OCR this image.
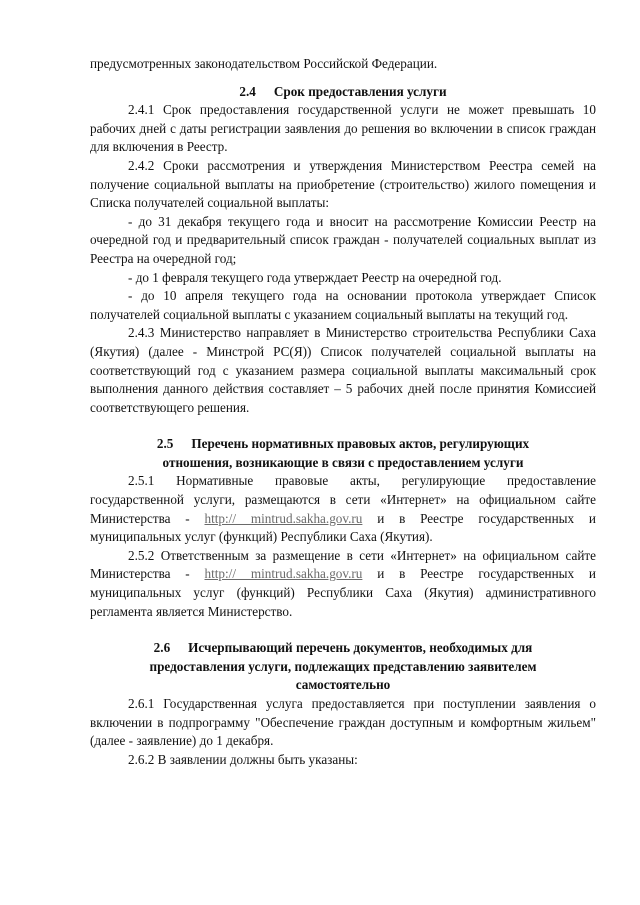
предусмотренных законодательством Российской Федерации.

2.4 Срок предоставления услуги

2.4.1 Срок предоставления государственной услуги не может превышать 10 рабочих дней с даты регистрации заявления до решения во включении в список граждан для включения в Реестр.

2.4.2 Сроки рассмотрения и утверждения Министерством Реестра семей на получение социальной выплаты на приобретение (строительство) жилого помещения и Списка получателей социальной выплаты:

- до 31 декабря текущего года и вносит на рассмотрение Комиссии Реестр на очередной год и предварительный список граждан - получателей социальных выплат из Реестра на очередной год;

- до 1 февраля текущего года утверждает Реестр на очередной год.

- до 10 апреля текущего года на основании протокола утверждает Список получателей социальной выплаты с указанием социальный выплаты на текущий год.

2.4.3 Министерство направляет в Министерство строительства Республики Саха (Якутия) (далее - Минстрой РС(Я)) Список получателей социальной выплаты на соответствующий год с указанием размера социальной выплаты максимальный срок выполнения данного действия составляет – 5 рабочих дней после принятия Комиссией соответствующего решения.

2.5 Перечень нормативных правовых актов, регулирующих
отношения, возникающие в связи с предоставлением услуги

2.5.1 Нормативные правовые акты, регулирующие предоставление государственной услуги, размещаются в сети «Интернет» на официальном сайте Министерства - http:// mintrud.sakha.gov.ru и в Реестре государственных и муниципальных услуг (функций) Республики Саха (Якутия).

2.5.2 Ответственным за размещение в сети «Интернет» на официальном сайте Министерства - http:// mintrud.sakha.gov.ru и в Реестре государственных и муниципальных услуг (функций) Республики Саха (Якутия) административного регламента является Министерство.

2.6 Исчерпывающий перечень документов, необходимых для
предоставления услуги, подлежащих представлению заявителем
самостоятельно

2.6.1 Государственная услуга предоставляется при поступлении заявления о включении в подпрограмму "Обеспечение граждан доступным и комфортным жильем" (далее - заявление) до 1 декабря.

2.6.2 В заявлении должны быть указаны:
